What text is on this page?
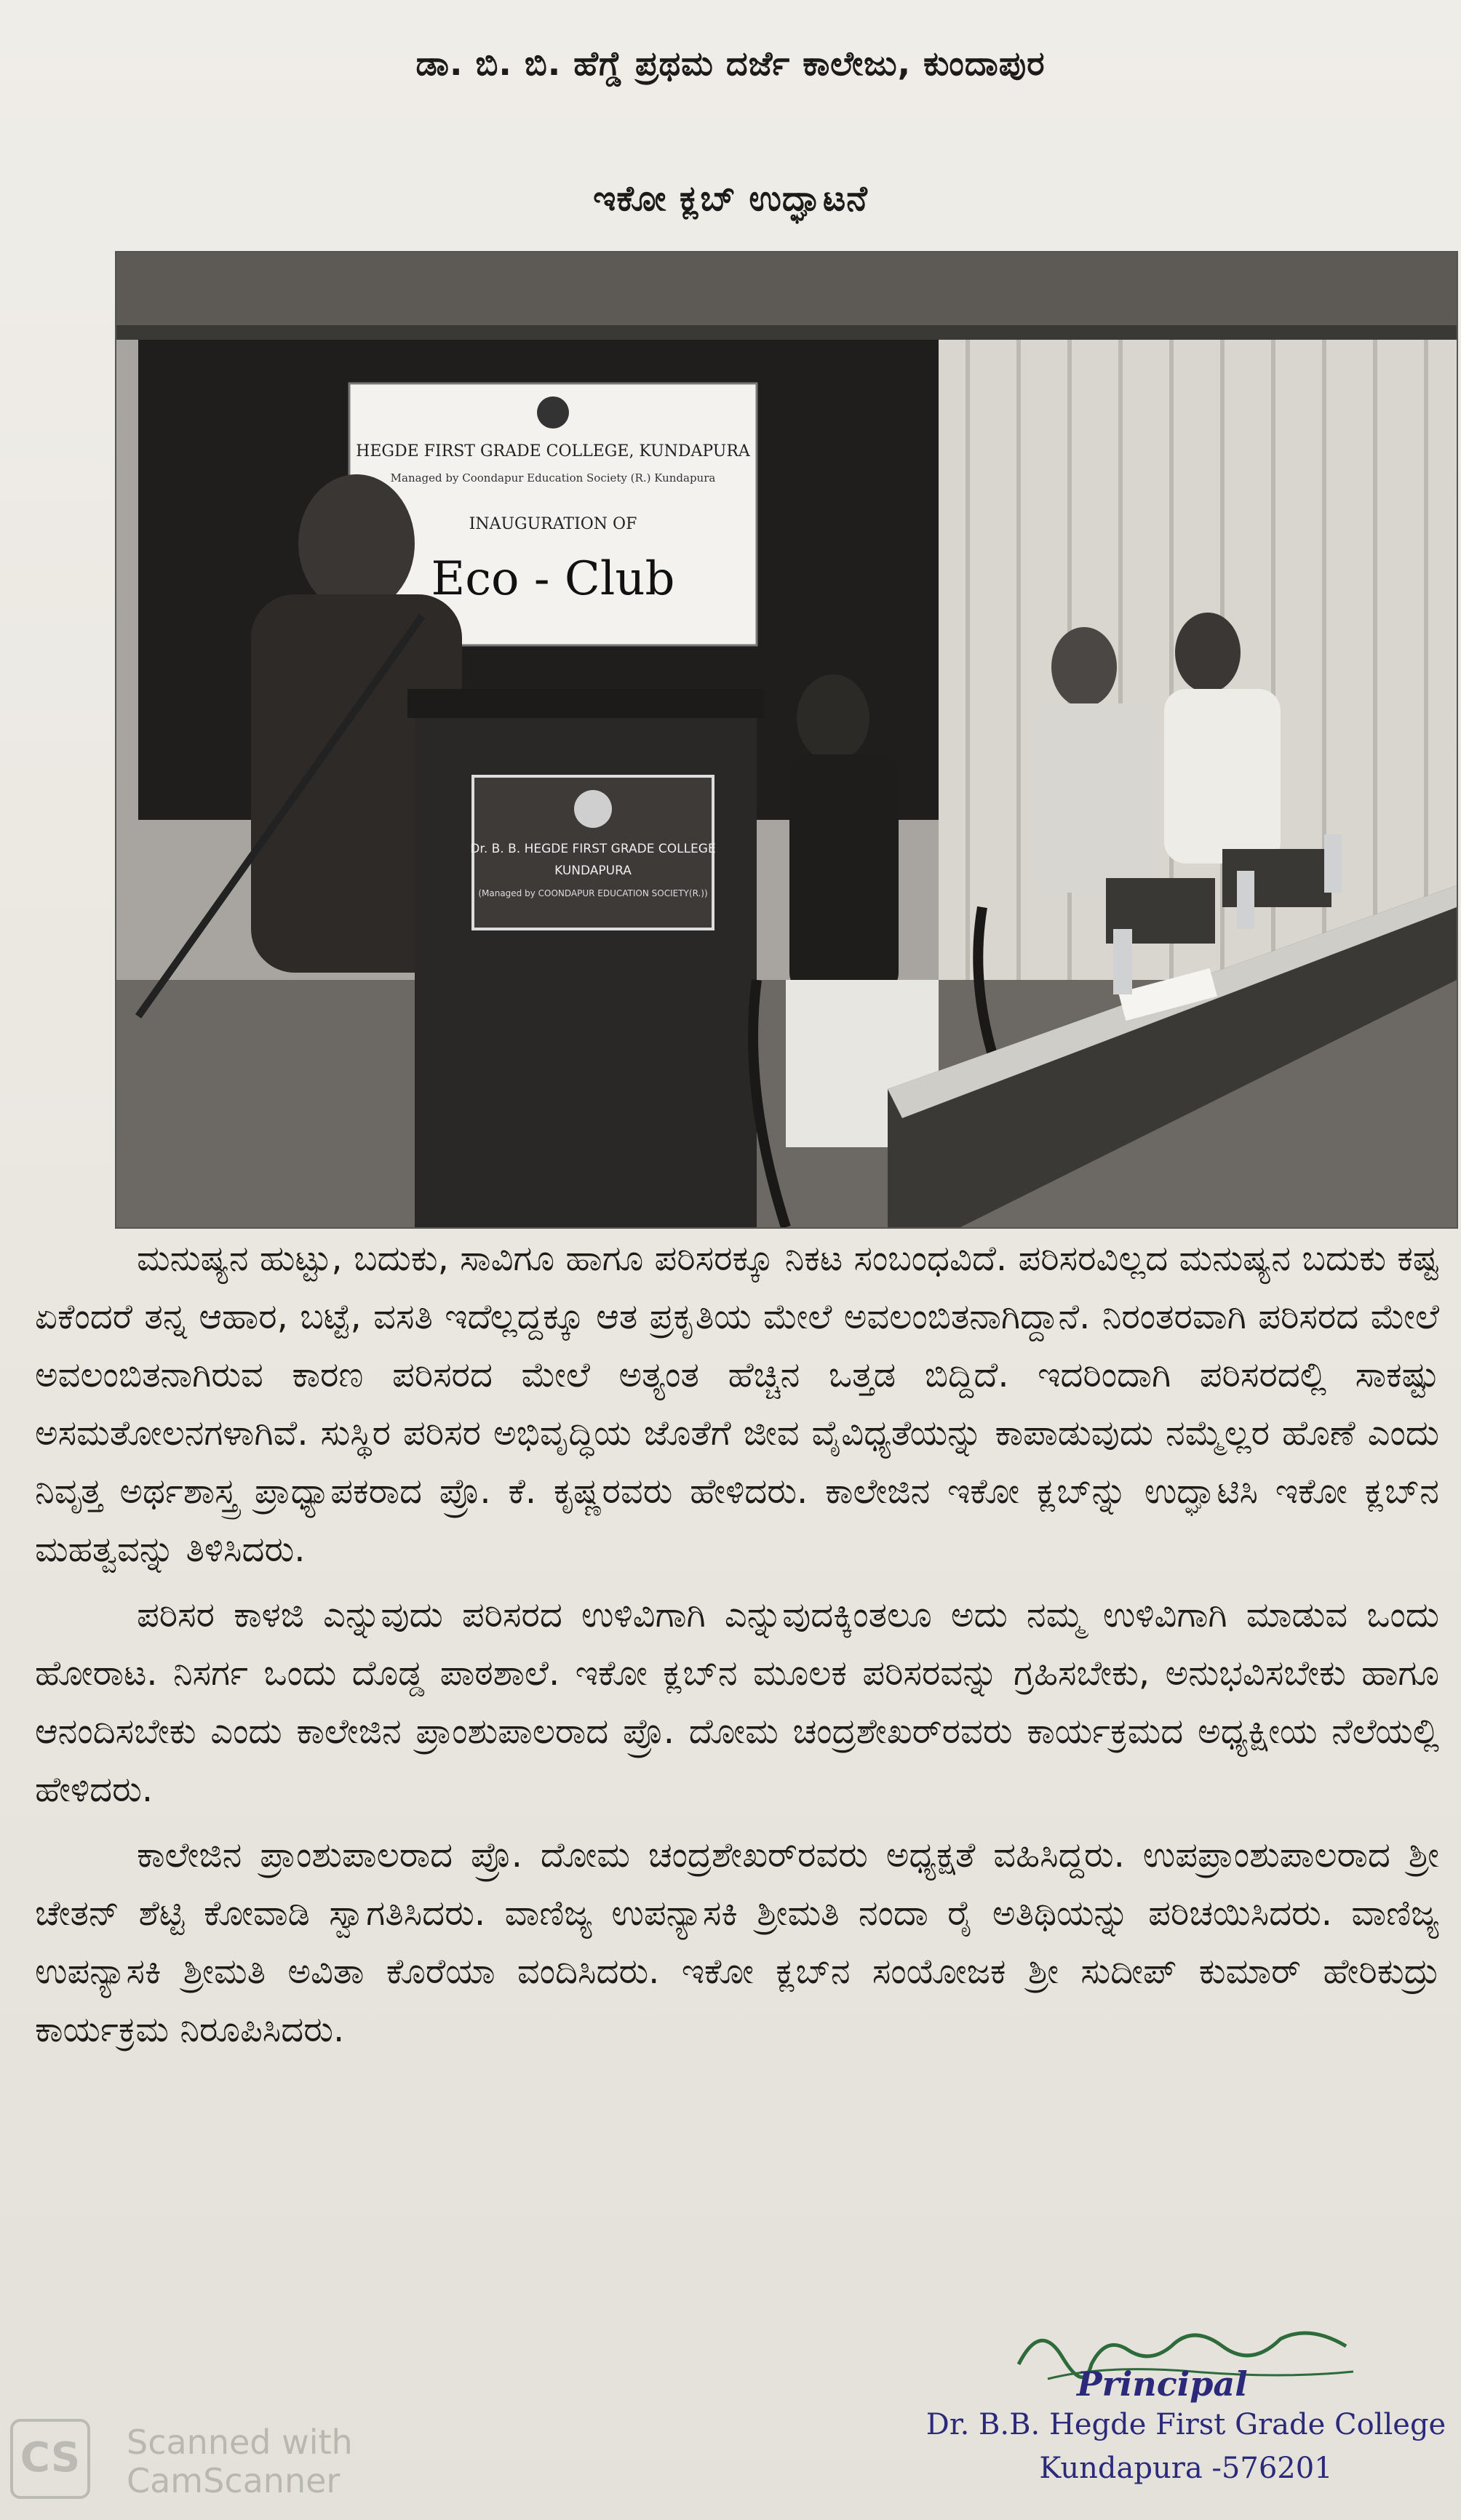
ಡಾ. ಬಿ. ಬಿ. ಹೆಗ್ಡೆ ಪ್ರಥಮ ದರ್ಜೆ ಕಾಲೇಜು, ಕುಂದಾಪುರ
ಇಕೋ ಕ್ಲಬ್ ಉದ್ಘಾಟನೆ
HEGDE FIRST GRADE COLLEGE, KUNDAPURA
Managed by Coondapur Education Society (R.) Kundapura
INAUGURATION OF
Eco - Club
Dr. B. B. HEGDE FIRST GRADE COLLEGE
KUNDAPURA
(Managed by COONDAPUR EDUCATION SOCIETY(R.))

ಮನುಷ್ಯನ ಹುಟ್ಟು, ಬದುಕು, ಸಾವಿಗೂ ಹಾಗೂ ಪರಿಸರಕ್ಕೂ ನಿಕಟ ಸಂಬಂಧವಿದೆ. ಪರಿಸರವಿಲ್ಲದ ಮನುಷ್ಯನ ಬದುಕು ಕಷ್ಟ ಏಕೆಂದರೆ ತನ್ನ ಆಹಾರ, ಬಟ್ಟೆ, ವಸತಿ ಇದೆಲ್ಲದ್ದಕ್ಕೂ ಆತ ಪ್ರಕೃತಿಯ ಮೇಲೆ ಅವಲಂಬಿತನಾಗಿದ್ದಾನೆ. ನಿರಂತರವಾಗಿ ಪರಿಸರದ ಮೇಲೆ ಅವಲಂಬಿತನಾಗಿರುವ ಕಾರಣ ಪರಿಸರದ ಮೇಲೆ ಅತ್ಯಂತ ಹೆಚ್ಚಿನ ಒತ್ತಡ ಬಿದ್ದಿದೆ. ಇದರಿಂದಾಗಿ ಪರಿಸರದಲ್ಲಿ ಸಾಕಷ್ಟು ಅಸಮತೋಲನಗಳಾಗಿವೆ. ಸುಸ್ಥಿರ ಪರಿಸರ ಅಭಿವೃದ್ಧಿಯ ಜೊತೆಗೆ ಜೀವ ವೈವಿಧ್ಯತೆಯನ್ನು ಕಾಪಾಡುವುದು ನಮ್ಮೆಲ್ಲರ ಹೊಣೆ ಎಂದು ನಿವೃತ್ತ ಅರ್ಥಶಾಸ್ತ್ರ ಪ್ರಾಧ್ಯಾಪಕರಾದ ಪ್ರೊ. ಕೆ. ಕೃಷ್ಣರವರು ಹೇಳಿದರು. ಕಾಲೇಜಿನ ಇಕೋ ಕ್ಲಬ್‌ನ್ನು ಉದ್ಘಾಟಿಸಿ ಇಕೋ ಕ್ಲಬ್‌ನ ಮಹತ್ವವನ್ನು ತಿಳಿಸಿದರು.

ಪರಿಸರ ಕಾಳಜಿ ಎನ್ನುವುದು ಪರಿಸರದ ಉಳಿವಿಗಾಗಿ ಎನ್ನುವುದಕ್ಕಿಂತಲೂ ಅದು ನಮ್ಮ ಉಳಿವಿಗಾಗಿ ಮಾಡುವ ಒಂದು ಹೋರಾಟ. ನಿಸರ್ಗ ಒಂದು ದೊಡ್ಡ ಪಾಠಶಾಲೆ. ಇಕೋ ಕ್ಲಬ್‌ನ ಮೂಲಕ ಪರಿಸರವನ್ನು ಗ್ರಹಿಸಬೇಕು, ಅನುಭವಿಸಬೇಕು ಹಾಗೂ ಆನಂದಿಸಬೇಕು ಎಂದು ಕಾಲೇಜಿನ ಪ್ರಾಂಶುಪಾಲರಾದ ಪ್ರೊ. ದೋಮ ಚಂದ್ರಶೇಖರ್‌ರವರು ಕಾರ್ಯಕ್ರಮದ ಅಧ್ಯಕ್ಷೀಯ ನೆಲೆಯಲ್ಲಿ ಹೇಳಿದರು.

ಕಾಲೇಜಿನ ಪ್ರಾಂಶುಪಾಲರಾದ ಪ್ರೊ. ದೋಮ ಚಂದ್ರಶೇಖರ್‌ರವರು ಅಧ್ಯಕ್ಷತೆ ವಹಿಸಿದ್ದರು. ಉಪಪ್ರಾಂಶುಪಾಲರಾದ ಶ್ರೀ ಚೇತನ್ ಶೆಟ್ಟಿ ಕೋವಾಡಿ ಸ್ವಾಗತಿಸಿದರು. ವಾಣಿಜ್ಯ ಉಪನ್ಯಾಸಕಿ ಶ್ರೀಮತಿ ನಂದಾ ರೈ ಅತಿಥಿಯನ್ನು ಪರಿಚಯಿಸಿದರು. ವಾಣಿಜ್ಯ ಉಪನ್ಯಾಸಕಿ ಶ್ರೀಮತಿ ಅವಿತಾ ಕೊರೆಯಾ ವಂದಿಸಿದರು. ಇಕೋ ಕ್ಲಬ್‌ನ ಸಂಯೋಜಕ ಶ್ರೀ ಸುದೀಪ್ ಕುಮಾರ್ ಹೇರಿಕುದ್ರು ಕಾರ್ಯಕ್ರಮ ನಿರೂಪಿಸಿದರು.

Principal
Dr. B.B. Hegde First Grade College
Kundapura -576201
CS Scanned with
CamScanner
